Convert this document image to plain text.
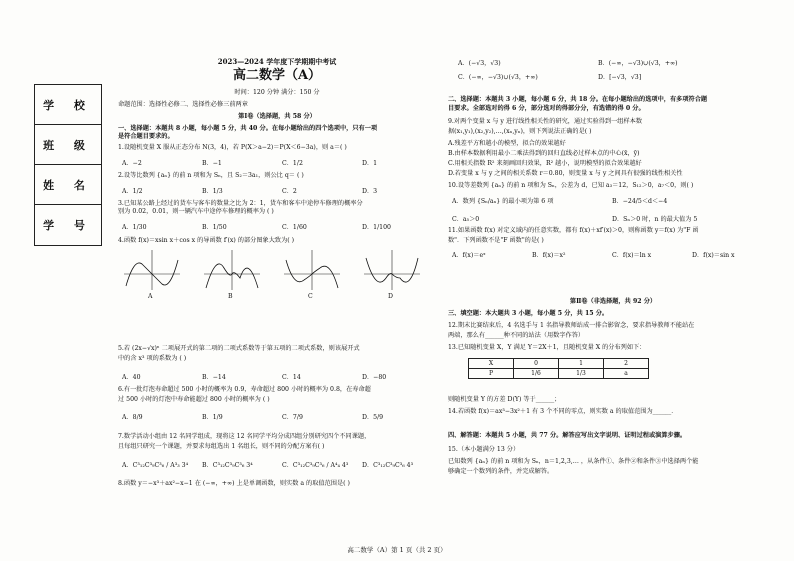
学 校
班 级
姓 名
学 号
2023—2024 学年度下学期期中考试
高二数学（A）
时间：120 分钟 满分：150 分
命题范围：选择性必修二、选择性必修三前两章
第Ⅰ卷（选择题，共 58 分）
一、选择题：本题共 8 小题，每小题 5 分，共 40 分。在每小题给出的四个选项中，只有一项
是符合题目要求的。
1.设随机变量 X 服从正态分布 N(3，4)，若 P(X＞a−2)＝P(X＜6−3a)，则 a＝( )
A．−2	B．−1	C．1/2	D．1
2.设等比数列 {aₙ} 的前 n 项和为 Sₙ，且 S₂＝3a₁，则公比 q＝ ( )
A．1/2	B．1/3	C．2	D．3
3.已知某公路上经过的货车与客车的数量之比为 2：1，货车和客车中途停车修理的概率分
别为 0.02，0.01，则一辆汽车中途停车修理的概率为 ( )
A．1/30	B．1/50	C．1/60	D．1/100
4.函数 f(x)＝xsin x＋cos x 的导函数 f′(x) 的部分图象大致为( )
A	B	C	D
5.若 (2x−√x)ⁿ 二项展开式的第二项的二项式系数等于第五项的二项式系数，则该展开式
中的含 x³ 项的系数为 ( )
A．40	B．−14	C．14	D．−80
6.有一批灯泡寿命超过 500 小时的概率为 0.9，寿命超过 800 小时的概率为 0.8，在寿命超
过 500 小时的灯泡中寿命能超过 800 小时的概率为 ( )
A．8/9	B．1/9	C．7/9	D．5/9
7.数学活动小组由 12 名同学组成，现将这 12 名同学平均分成四组分别研究四个不同课题，
且每组只研究一个课题，并要求每组选出 1 名组长，则不同的分配方案有( )
A．C³₁₂C³₉C³₆ / A³₃ 3⁴ B．C³₁₂C³₉C³₆ 3⁴	C．C³₁₂C³₉C³₆ / A⁴₄ 4³ D．C³₁₂C³₉C³₆ 4³
8.函数 y＝−x³＋ax²−x−1 在 (−∞，+∞) 上是单调函数，则实数 a 的取值范围是( )
A．(−√3，√3)	B．(−∞，−√3)∪(√3，+∞)
C．(−∞，−√3)∪(√3，+∞)	D．[−√3，√3]
二、选择题：本题共 3 小题，每小题 6 分，共 18 分。在每小题给出的选项中，有多项符合题
目要求。全部选对的得 6 分，部分选对的得部分分，有选错的得 0 分。
9.对两个变量 x 与 y 进行线性相关性的研究，通过实验得到一组样本数
据(x₁,y₁),(x₂,y₂),…,(xₙ,yₙ)，则下列说法正确的是( )
A.残差平方和越小的模型，拟合的效果越好
B.由样本数据利用最小二乘法得到的回归直线必过样本点的中心(x̄，ȳ)
C.用相关指数 R² 来刻画回归效果，R² 越小，说明模型的拟合效果越好
D.若变量 x 与 y 之间的相关系数 r＝0.80，则变量 x 与 y 之间具有很强的线性相关性
10.设等差数列 {aₙ} 的前 n 项和为 Sₙ，公差为 d，已知 a₃＝12，S₁₂＞0，a₇＜0，则( )
A．数列 {Sₙ/aₙ} 的最小项为第 6 项	B．−24/5＜d＜−4
C．a₅＞0	D．Sₙ＞0 时，n 的最大值为 5
11.如果函数 f(x) 对定义域内的任意实数，都有 f(x)＋xf′(x)＞0，则称函数 y＝f(x) 为"F 函
数"．下列函数不是"F 函数"的是( )
A．f(x)＝eˣ	B．f(x)＝x²	C．f(x)＝ln x	D．f(x)＝sin x
第Ⅱ卷（非选择题，共 92 分）
三、填空题：本大题共 3 小题，每小题 5 分，共 15 分。
12.期末比赛结束后，4 名选手与 1 名指导教师站成一排合影留念，要求指导教师不能站在
两端，那么有______种不同的站法（用数字作答）
13.已知随机变量 X，Y 满足 Y＝2X＋1，且随机变量 X 的分布列如下：
X	0	1	2
P	1/6	1/3	a
则随机变量 Y 的方差 D(Y) 等于______；
14.若函数 f(x)＝ax³−3x²＋1 有 3 个不同的零点，则实数 a 的取值范围为______．
四、解答题：本题共 5 小题，共 77 分。解答应写出文字说明、证明过程或演算步骤。
15.（本小题满分 13 分）
已知数列 {aₙ} 的前 n 项和为 Sₙ，n＝1,2,3,… ，从条件①、条件②和条件③中选择两个能
够确定一个数列的条件，并完成解答。
高二数学（A）第 1 页（共 2 页）
